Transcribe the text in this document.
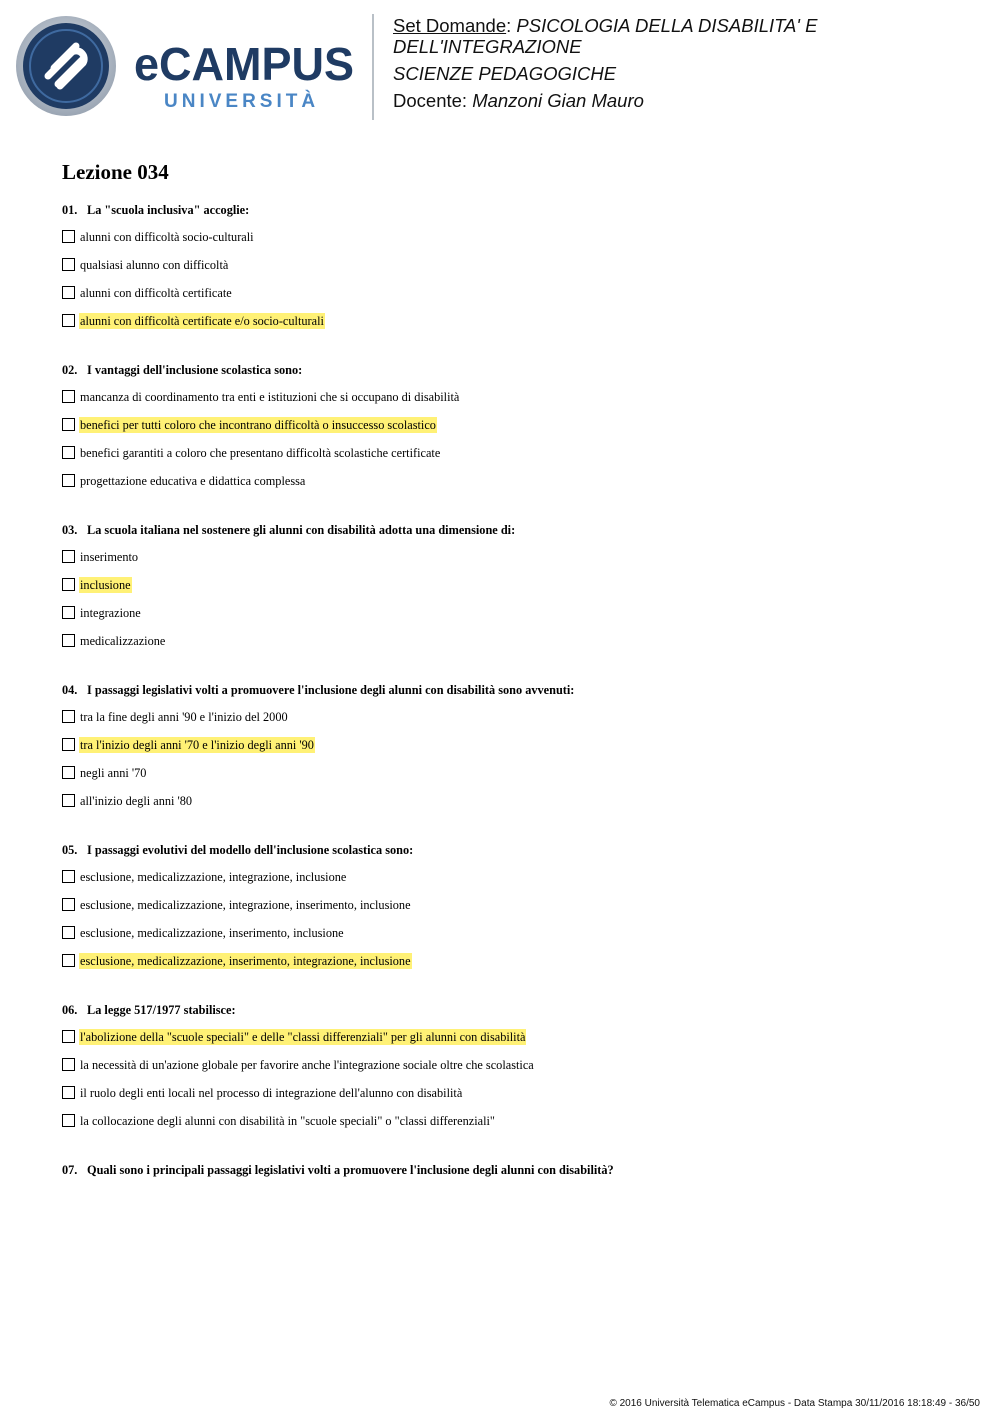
eCAMPUS
UNIVERSITÀ
Set Domande: PSICOLOGIA DELLA DISABILITA' E
DELL'INTEGRAZIONE
SCIENZE PEDAGOGICHE
Docente: Manzoni Gian Mauro
Lezione 034
01. La "scuola inclusiva" accoglie:
alunni con difficoltà socio-culturali
qualsiasi alunno con difficoltà
alunni con difficoltà certificate
alunni con difficoltà certificate e/o socio-culturali
02. I vantaggi dell'inclusione scolastica sono:
mancanza di coordinamento tra enti e istituzioni che si occupano di disabilità
benefici per tutti coloro che incontrano difficoltà o insuccesso scolastico
benefici garantiti a coloro che presentano difficoltà scolastiche certificate
progettazione educativa e didattica complessa
03. La scuola italiana nel sostenere gli alunni con disabilità adotta una dimensione di:
inserimento
inclusione
integrazione
medicalizzazione
04. I passaggi legislativi volti a promuovere l'inclusione degli alunni con disabilità sono avvenuti:
tra la fine degli anni '90 e l'inizio del 2000
tra l'inizio degli anni '70 e l'inizio degli anni '90
negli anni '70
all'inizio degli anni '80
05. I passaggi evolutivi del modello dell'inclusione scolastica sono:
esclusione, medicalizzazione, integrazione, inclusione
esclusione, medicalizzazione, integrazione, inserimento, inclusione
esclusione, medicalizzazione, inserimento, inclusione
esclusione, medicalizzazione, inserimento, integrazione, inclusione
06. La legge 517/1977 stabilisce:
l'abolizione della "scuole speciali" e delle "classi differenziali" per gli alunni con disabilità
la necessità di un'azione globale per favorire anche l'integrazione sociale oltre che scolastica
il ruolo degli enti locali nel processo di integrazione dell'alunno con disabilità
la collocazione degli alunni con disabilità in "scuole speciali" o "classi differenziali"
07. Quali sono i principali passaggi legislativi volti a promuovere l'inclusione degli alunni con disabilità?
© 2016 Università Telematica eCampus - Data Stampa 30/11/2016 18:18:49 - 36/50
